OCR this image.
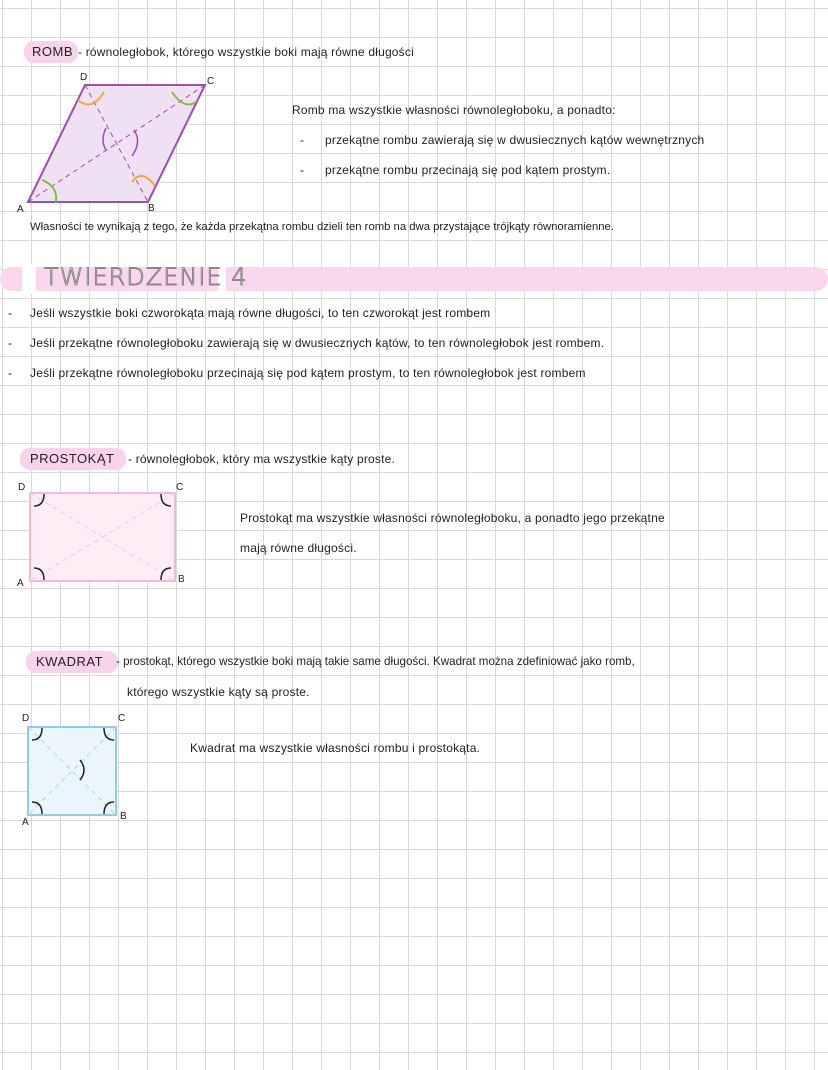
ROMB - równoległobok, którego wszystkie boki mają równe długości
D	C
A	B
Romb ma wszystkie własności równoległoboku, a ponadto:
- przekątne rombu zawierają się w dwusiecznych kątów wewnętrznych
- przekątne rombu przecinają się pod kątem prostym.
Własności te wynikają z tego, że każda przekątna rombu dzieli ten romb na dwa przystające trójkąty równoramienne.
TWIERDZENIE 4
- Jeśli wszystkie boki czworokąta mają równe długości, to ten czworokąt jest rombem
- Jeśli przekątne równoległoboku zawierają się w dwusiecznych kątów, to ten równoległobok jest rombem.
- Jeśli przekątne równoległoboku przecinają się pod kątem prostym, to ten równoległobok jest rombem
PROSTOKĄT - równoległobok, który ma wszystkie kąty proste.
D	C
A	B
Prostokąt ma wszystkie własności równoległoboku, a ponadto jego przekątne
mają równe długości.
KWADRAT - prostokąt, którego wszystkie boki mają takie same długości. Kwadrat można zdefiniować jako romb,
którego wszystkie kąty są proste.
D	C
A
B
Kwadrat ma wszystkie własności rombu i prostokąta.
